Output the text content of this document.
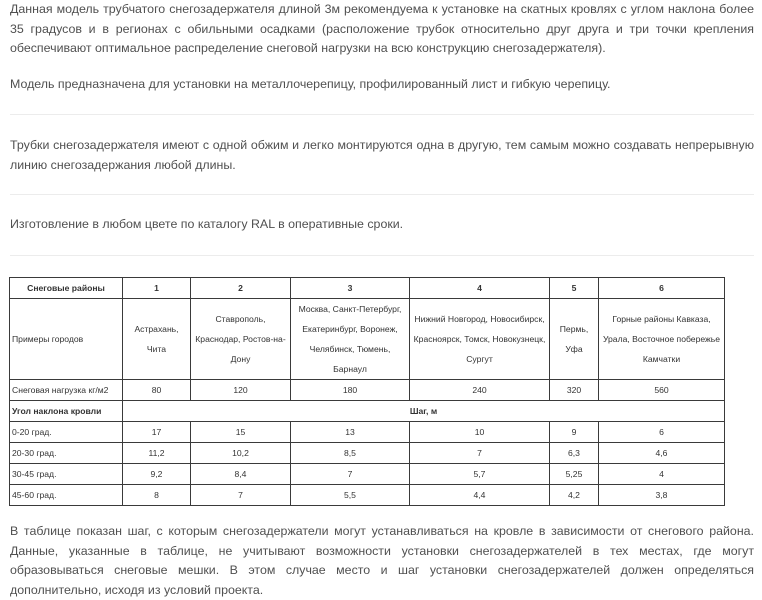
Данная модель трубчатого снегозадержателя длиной 3м рекомендуема к установке на скатных кровлях с углом наклона более 35 градусов и в регионах с обильными осадками (расположение трубок относительно друг друга и три точки крепления обеспечивают оптимальное распределение снеговой нагрузки на всю конструкцию снегозадержателя).

Модель предназначена для установки на металлочерепицу, профилированный лист и гибкую черепицу.

Трубки снегозадержателя имеют с одной обжим и легко монтируются одна в другую, тем самым можно создавать непрерывную линию снегозадержания любой длины.

Изготовление в любом цвете по каталогу RAL в оперативные сроки.

Снеговые районы	1	2	3	4	5	6
Примеры городов	Астрахань, Чита	Ставрополь, Краснодар, Ростов-на-Дону	Москва, Санкт-Петербург, Екатеринбург, Воронеж, Челябинск, Тюмень, Барнаул	Нижний Новгород, Новосибирск, Красноярск, Томск, Новокузнецк, Сургут	Пермь, Уфа	Горные районы Кавказа, Урала, Восточное побережье Камчатки
Снеговая нагрузка кг/м2	80	120	180	240	320	560
Угол наклона кровли	Шаг, м					
0-20 град.	17	15	13	10	9	6
20-30 град.	11,2	10,2	8,5	7	6,3	4,6
30-45 град.	9,2	8,4	7	5,7	5,25	4
45-60 град.	8	7	5,5	4,4	4,2	3,8

В таблице показан шаг, с которым снегозадержатели могут устанавливаться на кровле в зависимости от снегового района. Данные, указанные в таблице, не учитывают возможности установки снегозадержателей в тех местах, где могут образовываться снеговые мешки. В этом случае место и шаг установки снегозадержателей должен определяться дополнительно, исходя из условий проекта.
